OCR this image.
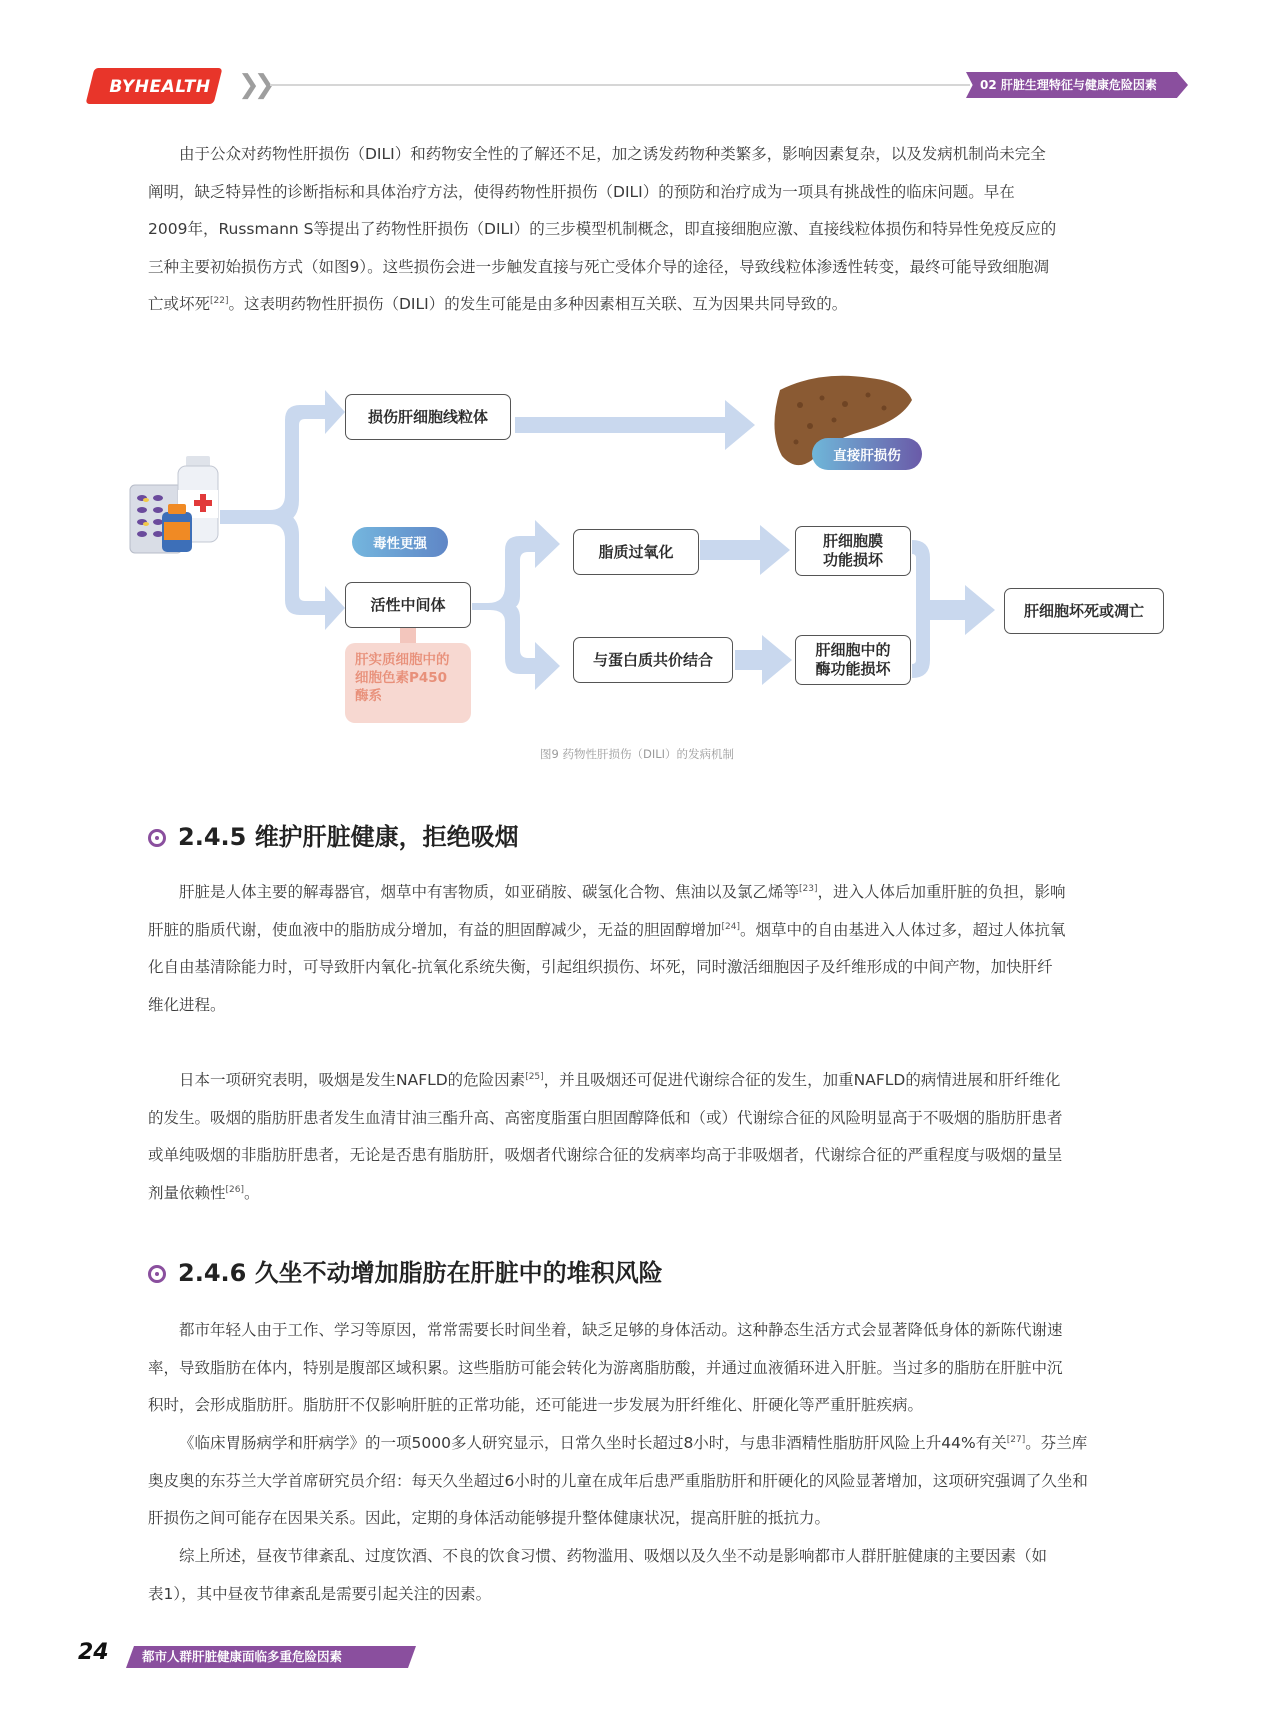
BYHEALTH	❯❯	02 肝脏生理特征与健康危险因素

由于公众对药物性肝损伤（DILI）和药物安全性的了解还不足，加之诱发药物种类繁多，影响因素复杂，以及发病机制尚未完全
阐明，缺乏特异性的诊断指标和具体治疗方法，使得药物性肝损伤（DILI）的预防和治疗成为一项具有挑战性的临床问题。早在
2009年，Russmann S等提出了药物性肝损伤（DILI）的三步模型机制概念，即直接细胞应激、直接线粒体损伤和特异性免疫反应的
三种主要初始损伤方式（如图9）。这些损伤会进一步触发直接与死亡受体介导的途径，导致线粒体渗透性转变，最终可能导致细胞凋
亡或坏死[22]。这表明药物性肝损伤（DILI）的发生可能是由多种因素相互关联、互为因果共同导致的。

损伤肝细胞线粒体
直接肝损伤
毒性更强
活性中间体
脂质过氧化
与蛋白质共价结合
肝细胞膜
功能损坏
肝细胞中的
酶功能损坏
肝细胞坏死或凋亡
肝实质细胞中的
细胞色素P450
酶系
图9 药物性肝损伤（DILI）的发病机制
2.4.5 维护肝脏健康，拒绝吸烟

肝脏是人体主要的解毒器官，烟草中有害物质，如亚硝胺、碳氢化合物、焦油以及氯乙烯等[23]，进入人体后加重肝脏的负担，影响
肝脏的脂质代谢，使血液中的脂肪成分增加，有益的胆固醇减少，无益的胆固醇增加[24]。烟草中的自由基进入人体过多，超过人体抗氧
化自由基清除能力时，可导致肝内氧化-抗氧化系统失衡，引起组织损伤、坏死，同时激活细胞因子及纤维形成的中间产物，加快肝纤
维化进程。

日本一项研究表明，吸烟是发生NAFLD的危险因素[25]，并且吸烟还可促进代谢综合征的发生，加重NAFLD的病情进展和肝纤维化
的发生。吸烟的脂肪肝患者发生血清甘油三酯升高、高密度脂蛋白胆固醇降低和（或）代谢综合征的风险明显高于不吸烟的脂肪肝患者
或单纯吸烟的非脂肪肝患者，无论是否患有脂肪肝，吸烟者代谢综合征的发病率均高于非吸烟者，代谢综合征的严重程度与吸烟的量呈
剂量依赖性[26]。

2.4.6 久坐不动增加脂肪在肝脏中的堆积风险

都市年轻人由于工作、学习等原因，常常需要长时间坐着，缺乏足够的身体活动。这种静态生活方式会显著降低身体的新陈代谢速
率，导致脂肪在体内，特别是腹部区域积累。这些脂肪可能会转化为游离脂肪酸，并通过血液循环进入肝脏。当过多的脂肪在肝脏中沉
积时，会形成脂肪肝。脂肪肝不仅影响肝脏的正常功能，还可能进一步发展为肝纤维化、肝硬化等严重肝脏疾病。

《临床胃肠病学和肝病学》的一项5000多人研究显示，日常久坐时长超过8小时，与患非酒精性脂肪肝风险上升44%有关[27]。芬兰库
奥皮奥的东芬兰大学首席研究员介绍：每天久坐超过6小时的儿童在成年后患严重脂肪肝和肝硬化的风险显著增加，这项研究强调了久坐和
肝损伤之间可能存在因果关系。因此，定期的身体活动能够提升整体健康状况，提高肝脏的抵抗力。

综上所述，昼夜节律紊乱、过度饮酒、不良的饮食习惯、药物滥用、吸烟以及久坐不动是影响都市人群肝脏健康的主要因素（如
表1），其中昼夜节律紊乱是需要引起关注的因素。

24	都市人群肝脏健康面临多重危险因素
